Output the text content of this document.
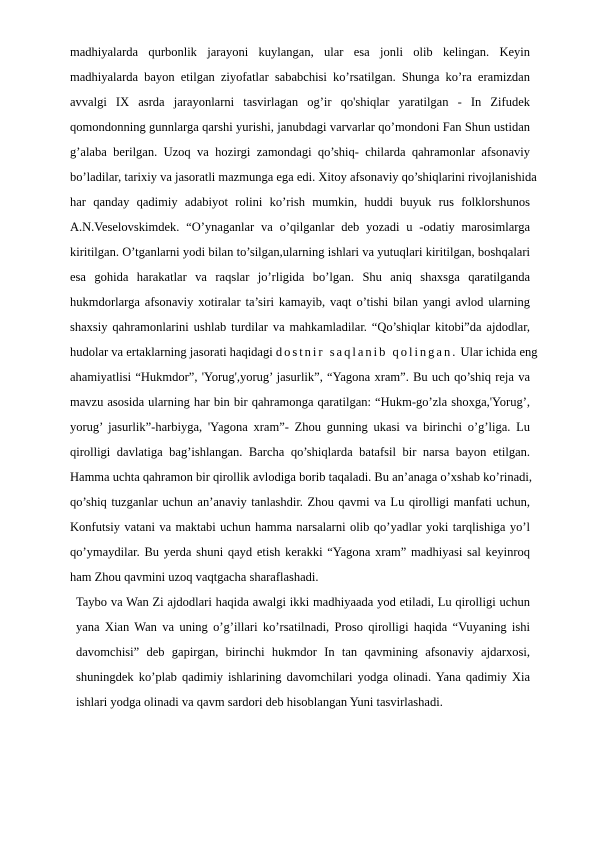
madhiyalarda qurbonlik jarayoni kuylangan, ular esa jonli olib kelingan. Keyin
madhiyalarda bayon etilgan ziyofatlar sababchisi ko’rsatilgan. Shunga ko’ra eramizdan
avvalgi IX asrda jarayonlarni tasvirlagan og’ir qo'shiqlar yaratilgan - In Zifudek
qomondonning gunnlarga qarshi yurishi, janubdagi varvarlar qo’mondoni Fan Shun ustidan
g’alaba berilgan. Uzoq va hozirgi zamondagi qo’shiq- chilarda qahramonlar afsonaviy
bo’ladilar, tarixiy va jasoratli mazmunga ega edi. Xitoy afsonaviy qo’shiqlarini rivojlanishida
har qanday qadimiy adabiyot rolini ko’rish mumkin, huddi buyuk rus folklorshunos
A.N.Veselovskimdek. “O’ynaganlar va o’qilganlar deb yozadi u -odatiy marosimlarga
kiritilgan. O’tganlarni yodi bilan to’silgan,ularning ishlari va yutuqlari kiritilgan, boshqalari
esa gohida harakatlar va raqslar jo’rligida bo’lgan. Shu aniq shaxsga qaratilganda
hukmdorlarga afsonaviy xotiralar ta’siri kamayib, vaqt o’tishi bilan yangi avlod ularning
shaxsiy qahramonlarini ushlab turdilar va mahkamladilar. “Qo’shiqlar kitobi”da ajdodlar,
hudolar va ertaklarning jasorati haqidagi dostnir saqlanib qolingan. Ular ichida eng
ahamiyatlisi “Hukmdor”, 'Yorug',yorug’ jasurlik”, “Yagona xram”. Bu uch qo’shiq reja va
mavzu asosida ularning har bin bir qahramonga qaratilgan: “Hukm-go’zla shoxga,'Yorug’,
yorug’ jasurlik”-harbiyga, 'Yagona xram”- Zhou gunning ukasi va birinchi o’g’liga. Lu
qirolligi davlatiga bag’ishlangan. Barcha qo’shiqlarda batafsil bir narsa bayon etilgan.
Hamma uchta qahramon bir qirollik avlodiga borib taqaladi. Bu an’anaga o’xshab ko’rinadi,
qo’shiq tuzganlar uchun an’anaviy tanlashdir. Zhou qavmi va Lu qirolligi manfati uchun,
Konfutsiy vatani va maktabi uchun hamma narsalarni olib qo’yadlar yoki tarqlishiga yo’l
qo’ymaydilar. Bu yerda shuni qayd etish kerakki “Yagona xram” madhiyasi sal keyinroq
ham Zhou qavmini uzoq vaqtgacha sharaflashadi.
Taybo va Wan Zi ajdodlari haqida awalgi ikki madhiyaada yod etiladi, Lu qirolligi uchun
yana Xian Wan va uning o’g’illari ko’rsatilnadi, Proso qirolligi haqida “Vuyaning ishi
davomchisi” deb gapirgan, birinchi hukmdor In tan qavmining afsonaviy ajdarxosi,
shuningdek ko’plab qadimiy ishlarining davomchilari yodga olinadi. Yana qadimiy Xia
ishlari yodga olinadi va qavm sardori deb hisoblangan Yuni tasvirlashadi.
